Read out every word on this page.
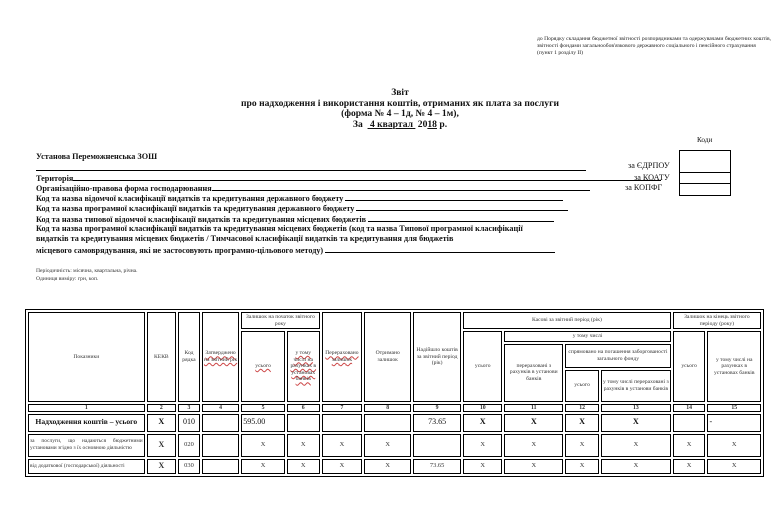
до Порядку складання бюджетної звітності розпорядниками та одержувачами бюджетних коштів, звітності фондами загальнообов'язкового державного соціального і пенсійного страхування
(пункт 1 розділу II)
Звіт
про надходження і використання коштів, отриманих як плата за послуги
(форма № 4 – 1д, № 4 – 1м),
За 4 квартал 2018 р.
Коди
за ЄДРПОУ
за КОАТУ
за КОПФГ
Установа Переможненська ЗОШ
Територія
Організаційно-правова форма господарювання
Код та назва відомчої класифікації видатків та кредитування державного бюджету
Код та назва програмної класифікації видатків та кредитування державного бюджету
Код та назва типової відомчої класифікації видатків та кредитування місцевих бюджетів
Код та назва програмної класифікації видатків та кредитування місцевих бюджетів (код та назва Типової програмної класифікації
видатків та кредитування місцевих бюджетів / Тимчасової класифікації видатків та кредитування для бюджетів
місцевого самоврядування, які не застосовують програмно-цільового методу)
Періодичність: місячна, квартальна, річна.
Одиниця виміру: грн, коп.
Показники	КЕКВ	Код рядка	Затверджено на звітний рік	Залишок на початок звітного року		Перераховано залишок	Отримано залишок	Надійшло коштів за звітний період (рік)	Касові за звітний період (рік)				Залишок на кінець звітного періоду (року)	
				усього	у тому числі на рахунках в установах банків				усього	у тому числі			усього	у тому числі на рахунках в установах банків
										перераховані з рахунків в установи банків	спрямовано на погашення заборгованості загального фонду			
											усього	у тому числі перераховані з рахунків в установи банків		
1	2	3	4	5	6	7	8	9	10	11	12	13	14	15
Надходження коштів – усього	X	010		595.00				73.65	X	X	X	X		-
за послуги, що надаються бюджетними установами згідно з їх основною діяльністю	X	020		X	X	X	X		X	X	X	X	X	X
від додаткової (господарської) діяльності	X	030		X	X	X	X	73.65	X	X	X	X	X	X
